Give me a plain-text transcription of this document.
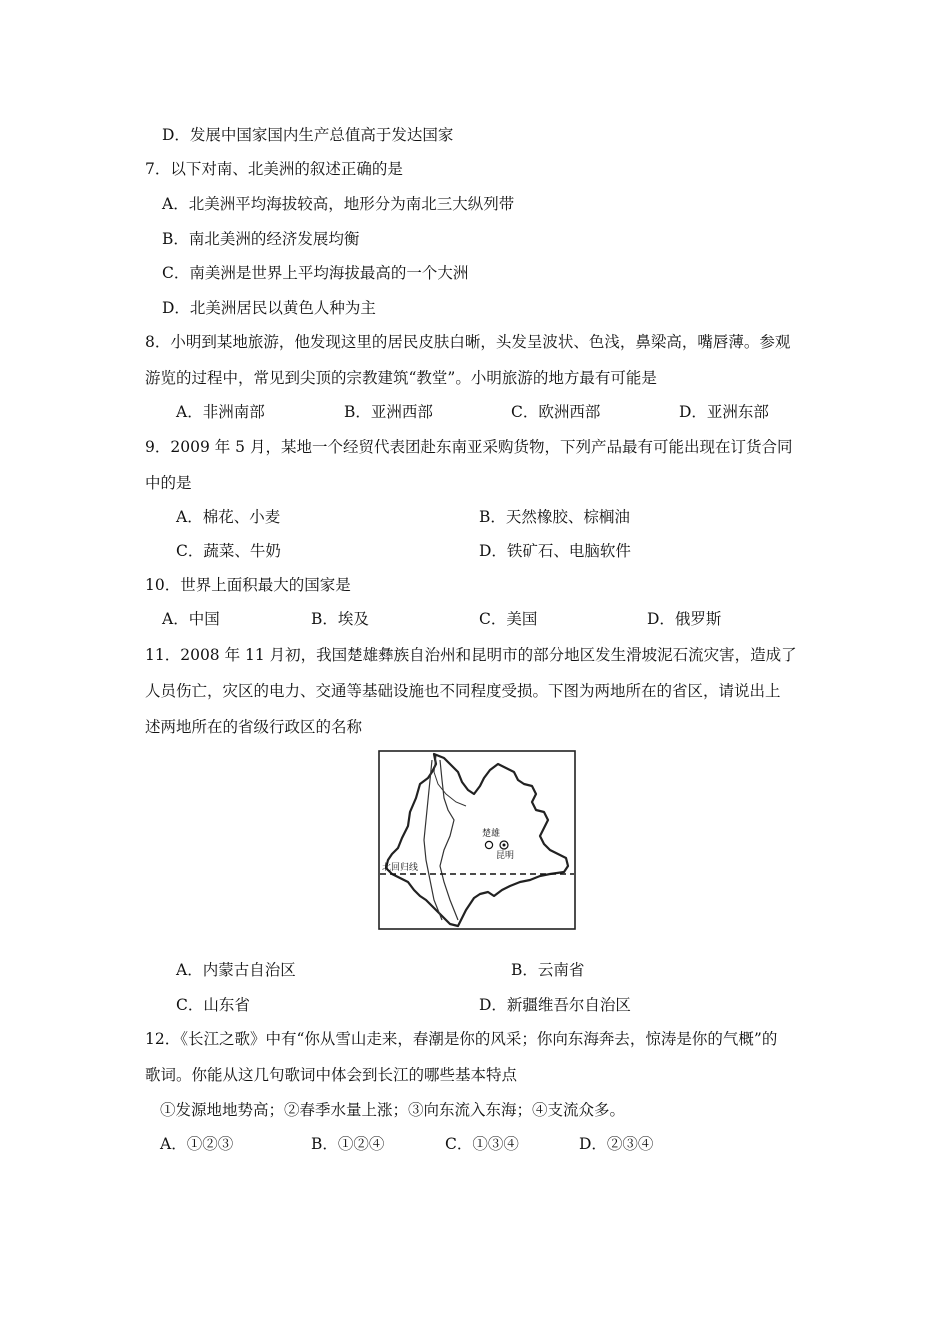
D．发展中国家国内生产总值高于发达国家
7．以下对南、北美洲的叙述正确的是
A．北美洲平均海拔较高，地形分为南北三大纵列带
B．南北美洲的经济发展均衡
C．南美洲是世界上平均海拔最高的一个大洲
D．北美洲居民以黄色人种为主
8．小明到某地旅游，他发现这里的居民皮肤白晰，头发呈波状、色浅，鼻梁高，嘴唇薄。参观
游览的过程中，常见到尖顶的宗教建筑“教堂”。小明旅游的地方最有可能是
A．非洲南部	B．亚洲西部	C．欧洲西部	D．亚洲东部
9．2009 年 5 月，某地一个经贸代表团赴东南亚采购货物，下列产品最有可能出现在订货合同
中的是
A．棉花、小麦	B．天然橡胶、棕榈油
C．蔬菜、牛奶	D．铁矿石、电脑软件
10．世界上面积最大的国家是
A．中国	B．埃及	C．美国	D．俄罗斯
11．2008 年 11 月初，我国楚雄彝族自治州和昆明市的部分地区发生滑坡泥石流灾害，造成了
人员伤亡，灾区的电力、交通等基础设施也不同程度受损。下图为两地所在的省区，请说出上
述两地所在的省级行政区的名称
楚雄
昆明
北回归线
A．内蒙古自治区	B．云南省
C．山东省	D．新疆维吾尔自治区
12．《长江之歌》中有“你从雪山走来，春潮是你的风采；你向东海奔去，惊涛是你的气概”的
歌词。你能从这几句歌词中体会到长江的哪些基本特点
①发源地地势高；②春季水量上涨；③向东流入东海；④支流众多。
A．①②③	B．①②④	C．①③④	D．②③④
